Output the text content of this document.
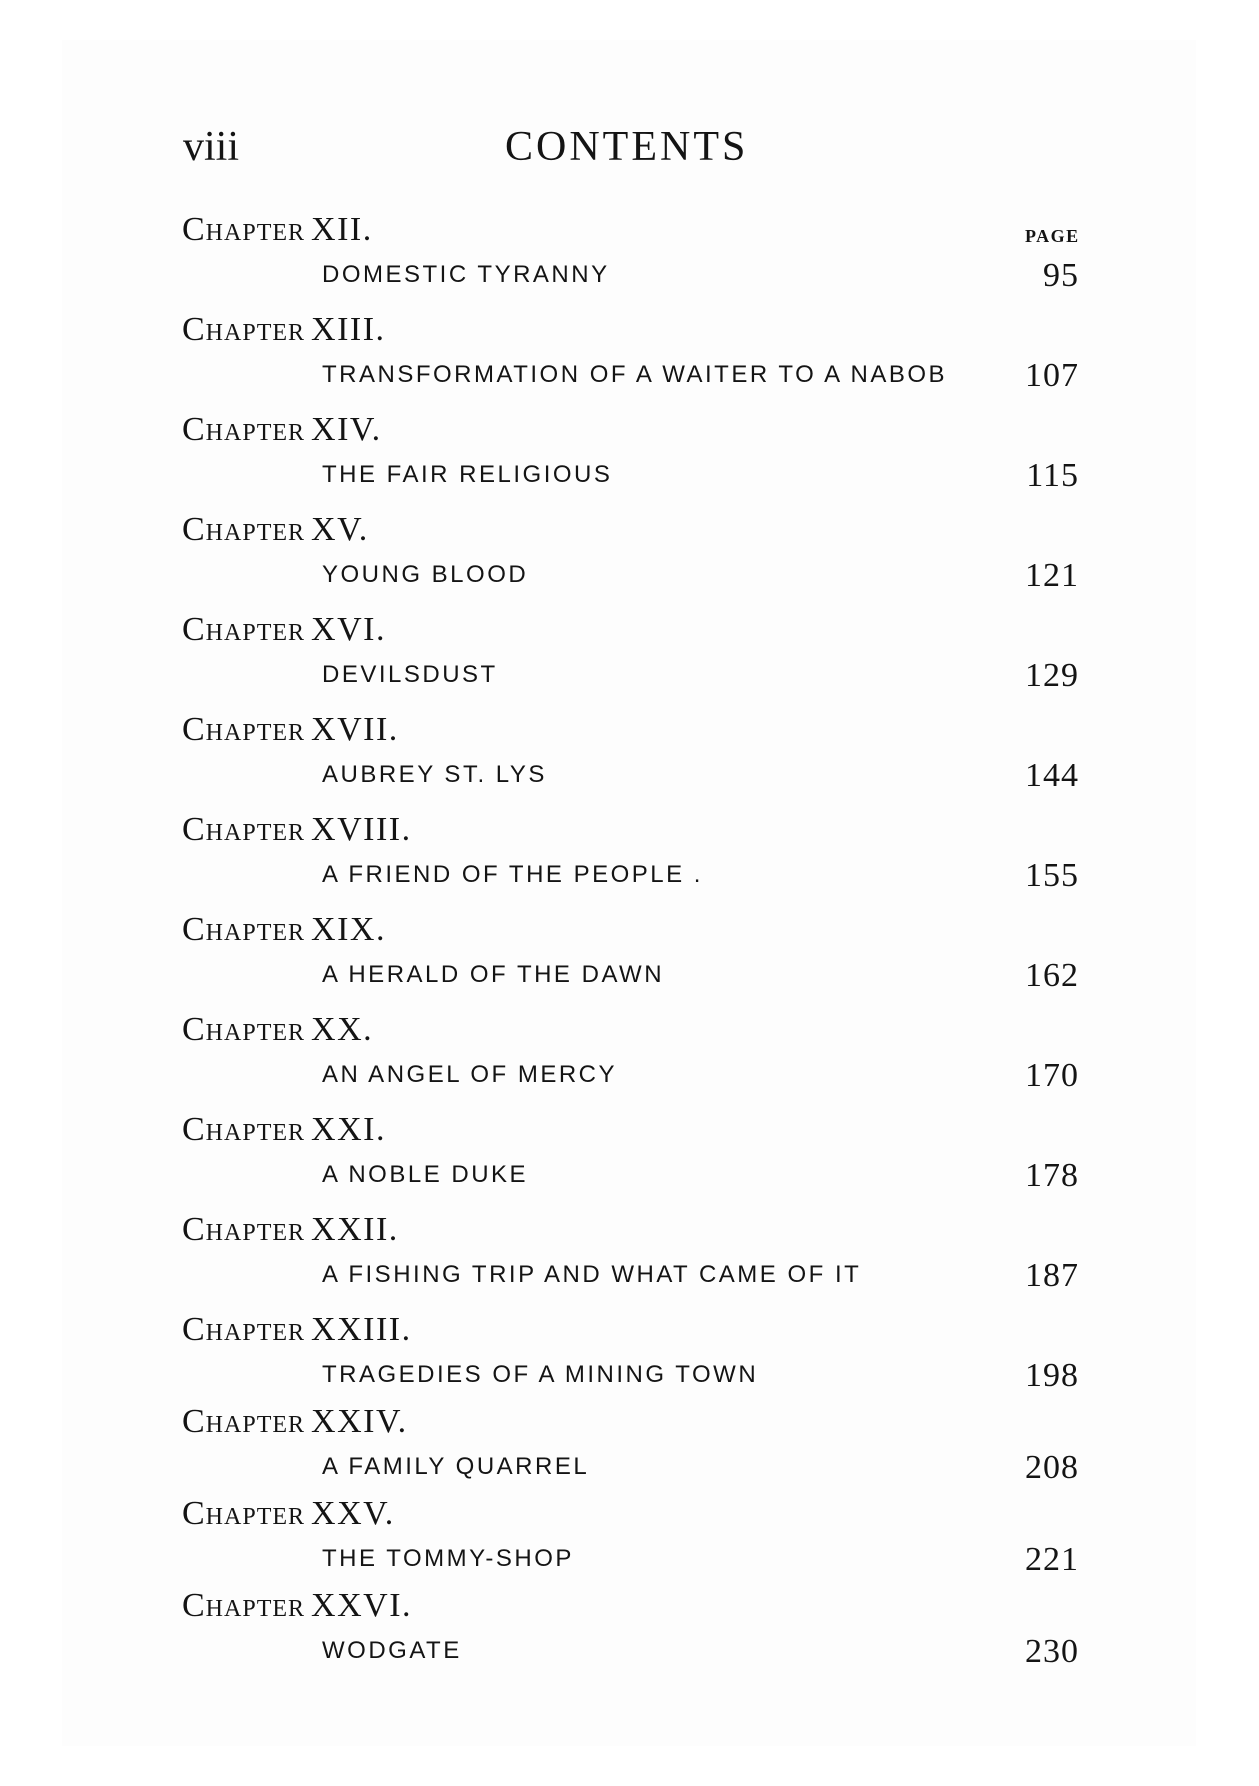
viii	CONTENTS
PAGE
Chapter XII.
DOMESTIC TYRANNY	95
Chapter XIII.
TRANSFORMATION OF A WAITER TO A NABOB 107
Chapter XIV.
THE FAIR RELIGIOUS	115
Chapter XV.
YOUNG BLOOD	121
Chapter XVI.
DEVILSDUST	129
Chapter XVII.
AUBREY ST. LYS	144
Chapter XVIII.
A FRIEND OF THE PEOPLE .	155
Chapter XIX.
A HERALD OF THE DAWN	162
Chapter XX.
AN ANGEL OF MERCY	170
Chapter XXI.
A NOBLE DUKE	178
Chapter XXII.
A FISHING TRIP AND WHAT CAME OF IT	187
Chapter XXIII.
TRAGEDIES OF A MINING TOWN	198
Chapter XXIV.
A FAMILY QUARREL	208
Chapter XXV.
THE TOMMY-SHOP	221
Chapter XXVI.
WODGATE	230
